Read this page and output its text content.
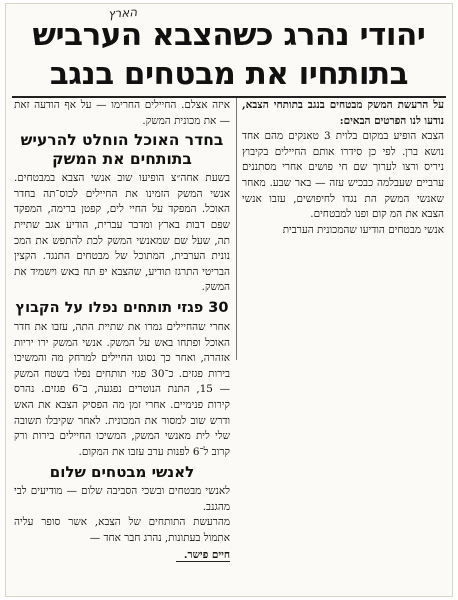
הארץ
יהודי נהרג כשהצבא הערביש
בתותחיו את מבטחים בנגב

על הרעשת המשק מבטחים בנגב בתותחי הצבא, נודעו לנו הפרטים הבאים:

הצבא הופיע במקום בלוית 3 טאנקים מהם אחד נושא ברן. לפי כן סידרו אותם החיילים בקיבוץ ניריס ורצו לערוך שם חי פושים אחרי מסתננים ערביים שעבלמה כבכיש עזה — באר שבע. מאחר שאנשי המשק הת נגדו לחיפושים, עזבו אנשי הצבא את המ קום ופנו למבטחים.

אנשי מבטחים הודיעו שהמכונית הערבית

איזה אצלם. החיילים החרימו — על אף הודעה זאת — את מכונית המשק.

בחדר האוכל הוחלט להרעיש
בתותחים את המשק

בשעת אחה״צ הופיעו שוב אנשי הצבא במבטחים. אנשי המשק הזמינו את החיילים לכוס־תה בחדר האוכל. המפקד על החיי לים, קפטן ברימה, המפקד שפם דבות בארץ ומדבר עברית, הודיע אגב שתיית תה, שעל שם שמאנשי המשק לכת להתפש את המכ נונית הערבית, המתוכל של מבטחים התנגד. הקצין הבריטי התרגז תודיע, שהצבא יפ תח באש וישמיד את המשק.

30 פגזי תותחים נפלו על הקבוץ

אחרי שהחיילים גמרו את שתיית התה, עזבו את חדר האוכל ופתחו באש על המשק. אנשי המשק ירו יריות אזהרה, ואחר כך נסוגו החיילים למרחק מה והמשיכו בירות פגזים. כ־30 פגזי תותחים נפלו בשטח המשק — 15, התנת הנוטרים נפגעה, ב־6 פגזים. נהרס קירות פנימיים. אחרי זמן מה הפסיק הצבא את האש ודרש שוב למסור את המכונית. לאחר שקיבלו תשובה שלי לית מאנשי המשק, המשיכו החיילים בירות ורק קרוב ל־6 לפנות ערב עזבו את המקום.

לאנשי מבטחים שלום

לאנשי מבטחים ובשכי הסביבה שלום — מודיעים לבי מהגנב.

מהרעשת התותחים של הצבא, אשר סופר עליה אתמול בעתונות, נהרג חבר אחד —

חיים פישר.
